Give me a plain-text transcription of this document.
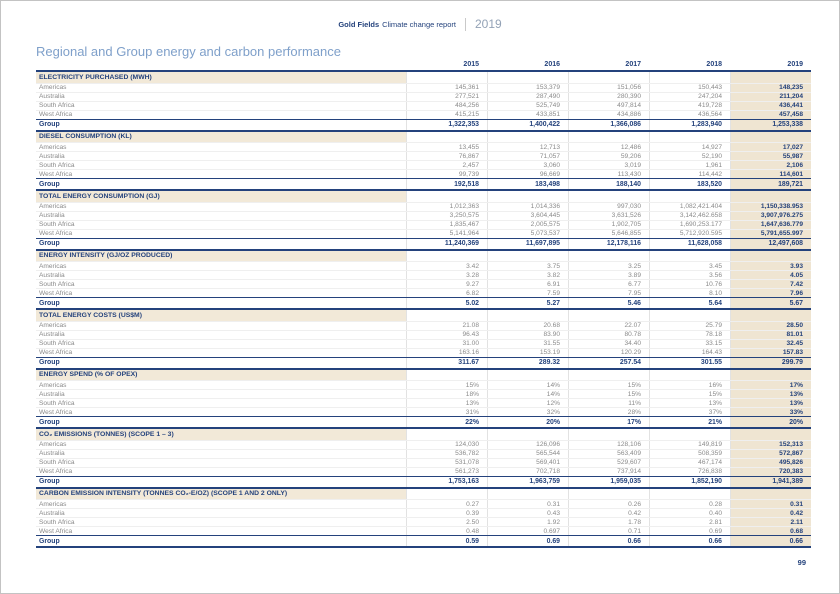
Gold Fields Climate change report 2019
Regional and Group energy and carbon performance
2015	2016	2017	2018	2019
ELECTRICITY PURCHASED (MWH)
Americas	145,361	153,379	151,056	150,443	148,235
Australia	277,521	287,490	280,390	247,204	211,204
South Africa	484,256	525,749	497,814	419,728	436,441
West Africa	415,215	433,851	434,886	436,564	457,458
Group	1,322,353	1,400,422	1,366,086	1,283,940	1,253,338
DIESEL CONSUMPTION (KL)
Americas	13,455	12,713	12,486	14,927	17,027
Australia	76,867	71,057	59,206	52,190	55,987
South Africa	2,457	3,060	3,019	1,961	2,106
West Africa	99,739	96,669	113,430	114,442	114,601
Group	192,518	183,498	188,140	183,520	189,721
TOTAL ENERGY CONSUMPTION (GJ)
Americas	1,012,363	1,014,336	997,030	1,082,421.404	1,150,338.953
Australia	3,250,575	3,604,445	3,631,526	3,142,462.658	3,907,976.275
South Africa	1,835,467	2,005,575	1,902,705	1,690,253.177	1,647,636.779
West Africa	5,141,964	5,073,537	5,646,855	5,712,920.595	5,791,655.997
Group	11,240,369	11,697,895	12,178,116	11,628,058	12,497,608
ENERGY INTENSITY (GJ/OZ PRODUCED)
Americas	3.42	3.75	3.25	3.45	3.93
Australia	3.28	3.82	3.89	3.56	4.05
South Africa	9.27	6.91	6.77	10.76	7.42
West Africa	6.82	7.59	7.95	8.10	7.96
Group	5.02	5.27	5.46	5.64	5.67
TOTAL ENERGY COSTS (US$M)
Americas	21.08	20.68	22.07	25.79	28.50
Australia	96.43	83.90	80.78	78.18	81.01
South Africa	31.00	31.55	34.40	33.15	32.45
West Africa	163.16	153.19	120.29	164.43	157.83
Group	311.67	289.32	257.54	301.55	299.79
ENERGY SPEND (% OF OPEX)
Americas	15%	14%	15%	16%	17%
Australia	18%	14%	15%	15%	13%
South Africa	13%	12%	11%	13%	13%
West Africa	31%	32%	28%	37%	33%
Group	22%	20%	17%	21%	20%
CO₂ EMISSIONS (TONNES) (SCOPE 1 – 3)
Americas	124,030	126,096	128,106	149,819	152,313
Australia	536,782	565,544	563,409	508,359	572,867
South Africa	531,078	569,401	529,607	467,174	495,826
West Africa	561,273	702,718	737,914	726,838	720,383
Group	1,753,163	1,963,759	1,959,035	1,852,190	1,941,389
CARBON EMISSION INTENSITY (TONNES CO₂-E/OZ) (SCOPE 1 AND 2 ONLY)
Americas	0.27	0.31	0.26	0.28	0.31
Australia	0.39	0.43	0.42	0.40	0.42
South Africa	2.50	1.92	1.78	2.81	2.11
West Africa	0.48	0.697	0.71	0.69	0.68
Group	0.59	0.69	0.66	0.66	0.66
99
